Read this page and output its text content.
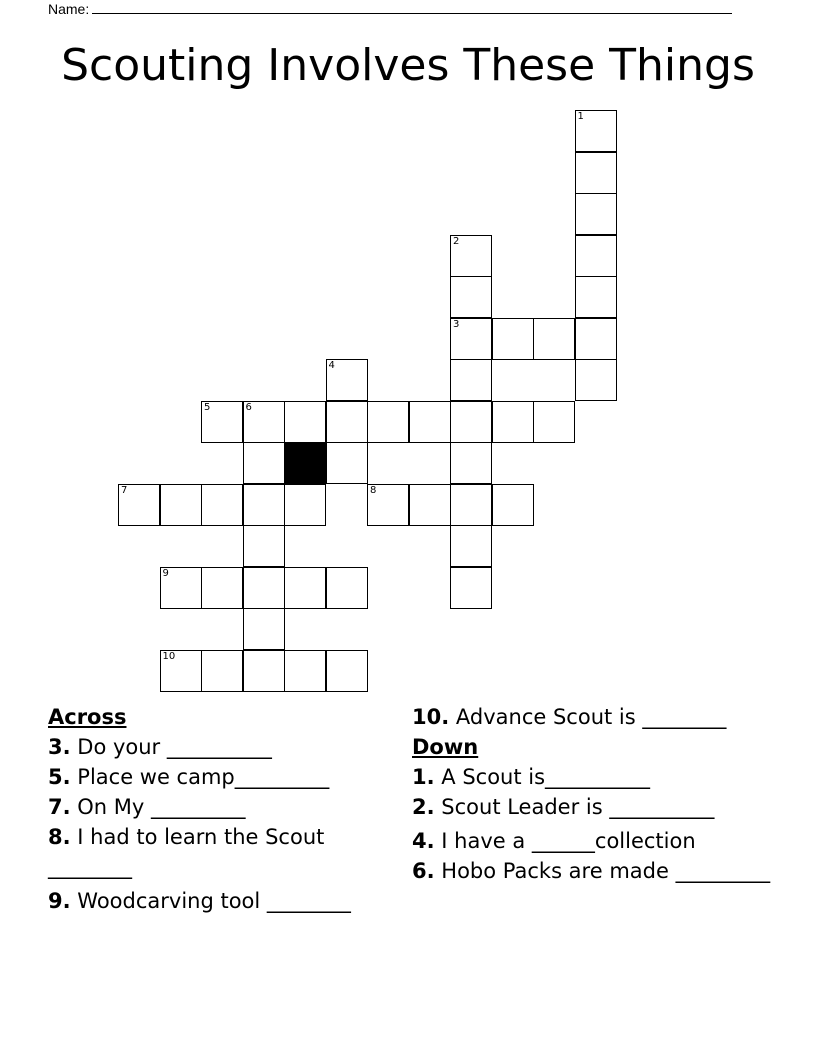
Name:
Scouting Involves These Things
1
2
3
4
5	6
7	8
9
10
Across
3. Do your __________
5. Place we camp_________
7. On My _________
8. I had to learn the Scout ________
9. Woodcarving tool ________
10. Advance Scout is ________
Down
1. A Scout is__________
2. Scout Leader is __________
4. I have a ______collection
6. Hobo Packs are made _________
